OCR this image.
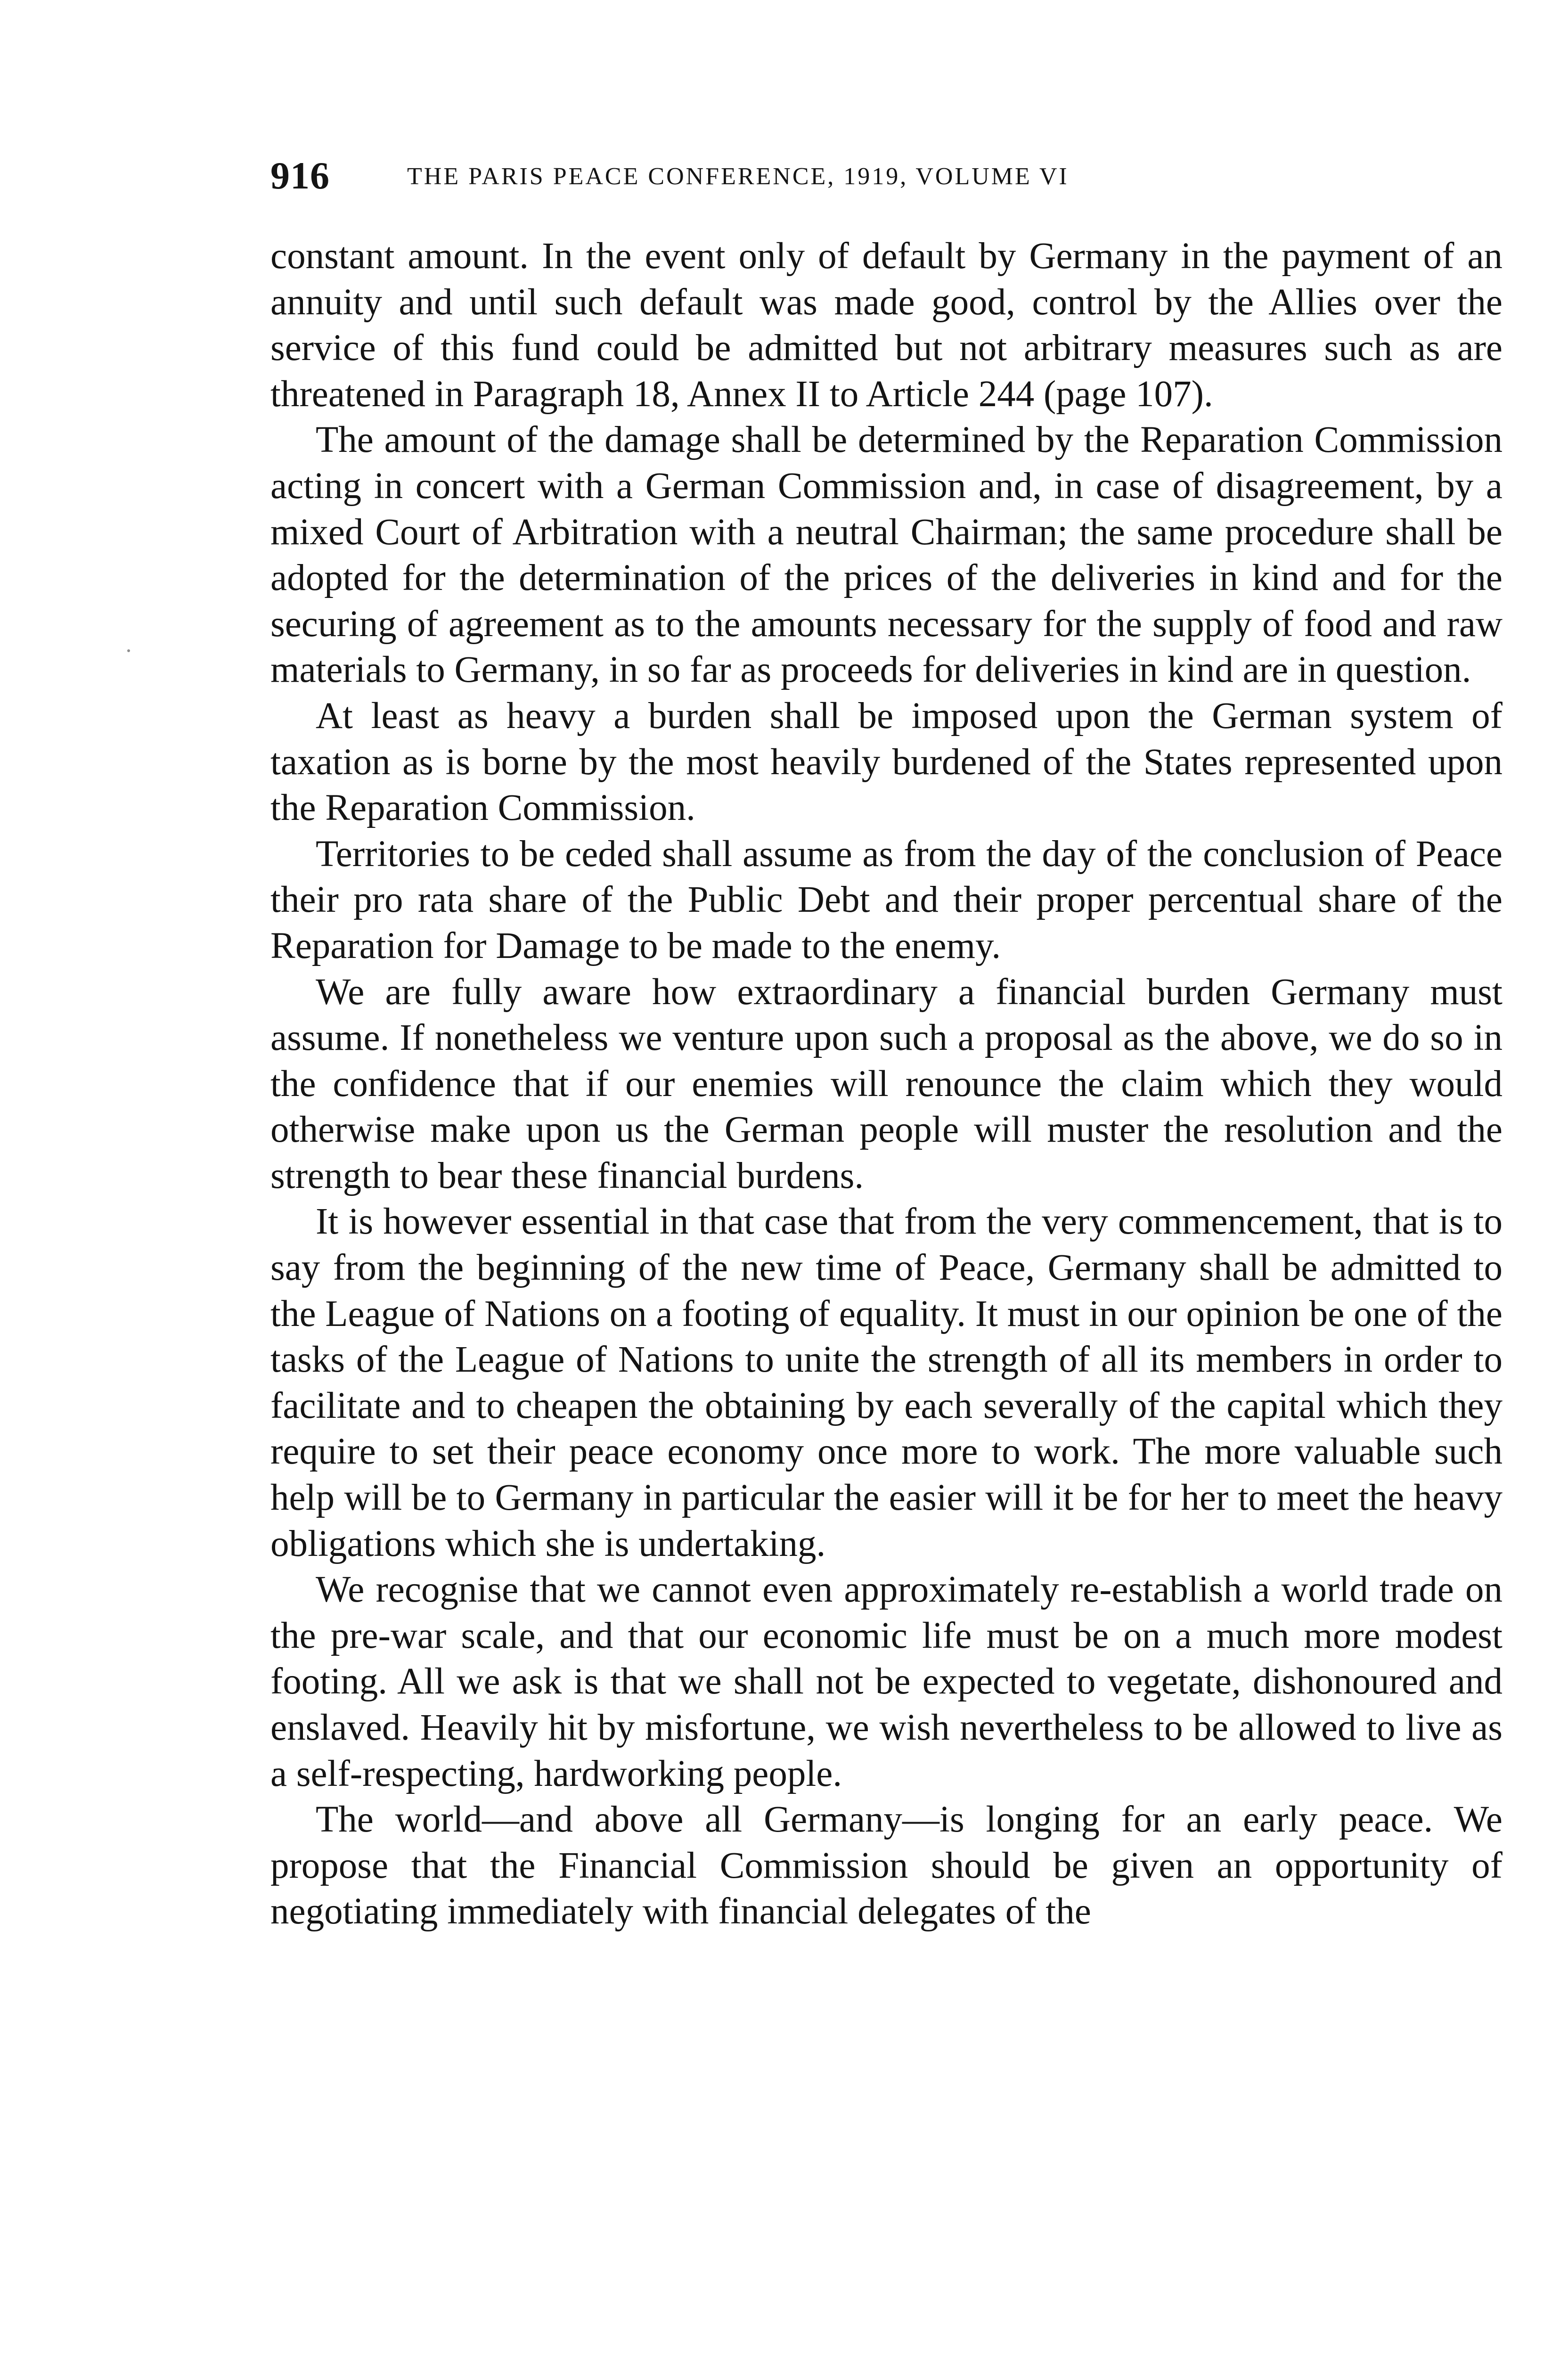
916	THE PARIS PEACE CONFERENCE, 1919, VOLUME VI

constant amount. In the event only of default by Germany in the payment of an annuity and until such default was made good, control by the Allies over the service of this fund could be admitted but not arbitrary measures such as are threatened in Paragraph 18, Annex II to Article 244 (page 107).

The amount of the damage shall be determined by the Reparation Commission acting in concert with a German Commission and, in case of disagreement, by a mixed Court of Arbitration with a neutral Chairman; the same procedure shall be adopted for the determination of the prices of the deliveries in kind and for the securing of agreement as to the amounts necessary for the supply of food and raw materials to Germany, in so far as proceeds for deliveries in kind are in question.

At least as heavy a burden shall be imposed upon the German system of taxation as is borne by the most heavily burdened of the States represented upon the Reparation Commission.

Territories to be ceded shall assume as from the day of the conclusion of Peace their pro rata share of the Public Debt and their proper percentual share of the Reparation for Damage to be made to the enemy.

We are fully aware how extraordinary a financial burden Germany must assume. If nonetheless we venture upon such a proposal as the above, we do so in the confidence that if our enemies will renounce the claim which they would otherwise make upon us the German people will muster the resolution and the strength to bear these financial burdens.

It is however essential in that case that from the very commencement, that is to say from the beginning of the new time of Peace, Germany shall be admitted to the League of Nations on a footing of equality. It must in our opinion be one of the tasks of the League of Nations to unite the strength of all its members in order to facilitate and to cheapen the obtaining by each severally of the capital which they require to set their peace economy once more to work. The more valuable such help will be to Germany in particular the easier will it be for her to meet the heavy obligations which she is undertaking.

We recognise that we cannot even approximately re-establish a world trade on the pre-war scale, and that our economic life must be on a much more modest footing. All we ask is that we shall not be expected to vegetate, dishonoured and enslaved. Heavily hit by misfortune, we wish nevertheless to be allowed to live as a self-respecting, hardworking people.

The world—and above all Germany—is longing for an early peace. We propose that the Financial Commission should be given an opportunity of negotiating immediately with financial delegates of the
